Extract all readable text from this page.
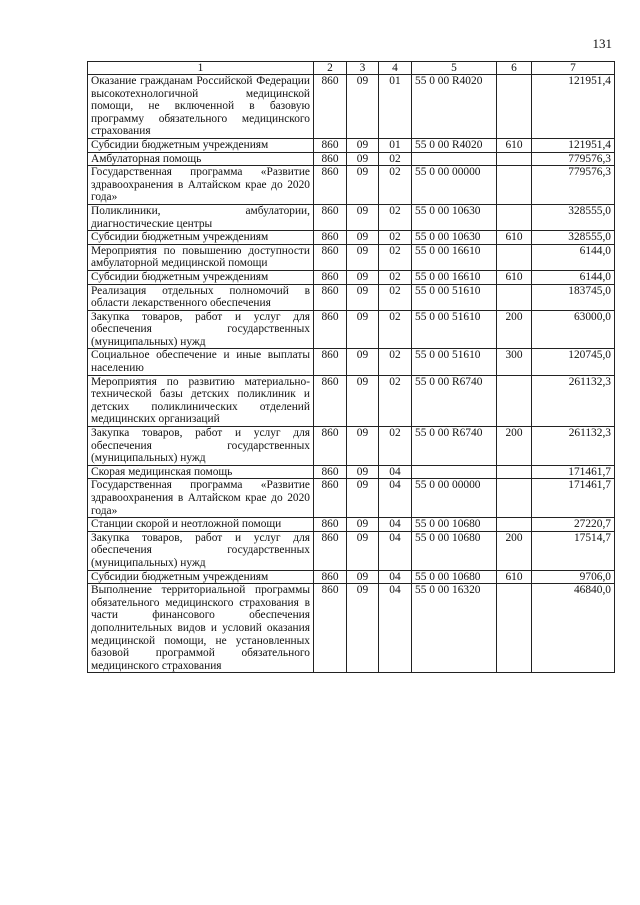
131
1	2	3	4	5	6	7
Оказание гражданам Российской Федерации высокотехнологичной медицинской помощи, не включенной в базовую программу обязательного медицинского страхования	860	09	01	55 0 00 R4020		121951,4
Субсидии бюджетным учреждениям	860	09	01	55 0 00 R4020	610	121951,4
Амбулаторная помощь	860	09	02			779576,3
Государственная программа «Развитие здравоохранения в Алтайском крае до 2020 года»	860	09	02	55 0 00 00000		779576,3
Поликлиники, амбулатории, диагностические центры	860	09	02	55 0 00 10630		328555,0
Субсидии бюджетным учреждениям	860	09	02	55 0 00 10630	610	328555,0
Мероприятия по повышению доступности амбулаторной медицинской помощи	860	09	02	55 0 00 16610		6144,0
Субсидии бюджетным учреждениям	860	09	02	55 0 00 16610	610	6144,0
Реализация отдельных полномочий в области лекарственного обеспечения	860	09	02	55 0 00 51610		183745,0
Закупка товаров, работ и услуг для обеспечения государственных (муниципальных) нужд	860	09	02	55 0 00 51610	200	63000,0
Социальное обеспечение и иные выплаты населению	860	09	02	55 0 00 51610	300	120745,0
Мероприятия по развитию материально-технической базы детских поликлиник и детских поликлинических отделений медицинских организаций	860	09	02	55 0 00 R6740		261132,3
Закупка товаров, работ и услуг для обеспечения государственных (муниципальных) нужд	860	09	02	55 0 00 R6740	200	261132,3
Скорая медицинская помощь	860	09	04			171461,7
Государственная программа «Развитие здравоохранения в Алтайском крае до 2020 года»	860	09	04	55 0 00 00000		171461,7
Станции скорой и неотложной помощи	860	09	04	55 0 00 10680		27220,7
Закупка товаров, работ и услуг для обеспечения государственных (муниципальных) нужд	860	09	04	55 0 00 10680	200	17514,7
Субсидии бюджетным учреждениям	860	09	04	55 0 00 10680	610	9706,0
Выполнение территориальной программы обязательного медицинского страхования в части финансового обеспечения дополнительных видов и условий оказания медицинской помощи, не установленных базовой программой обязательного медицинского страхования	860	09	04	55 0 00 16320		46840,0
